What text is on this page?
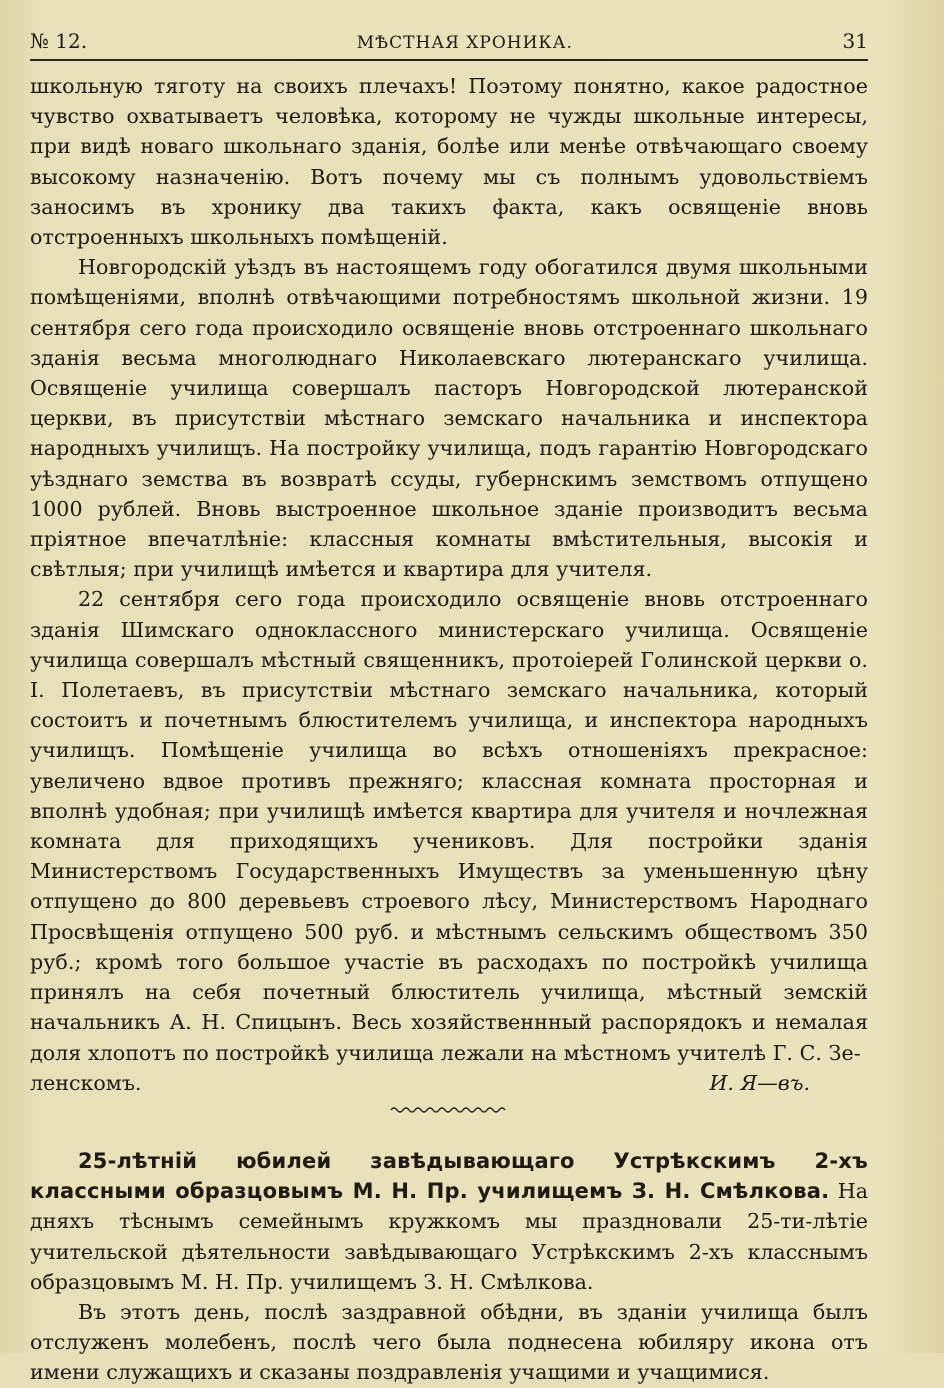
№ 12.	МѢСТНАЯ ХРОНИКА.	31

школьную тяготу на своихъ плечахъ! Поэтому понятно, какое радостное чувство охватываетъ человѣка, которому не чужды школьные интересы, при видѣ новаго школьнаго зданія, болѣе или менѣе отвѣчающаго своему высокому назначенію. Вотъ почему мы съ полнымъ удовольствіемъ заносимъ въ хронику два такихъ факта, какъ освященіе вновь отстроенныхъ школьныхъ помѣщеній.

Новгородскій уѣздъ въ настоящемъ году обогатился двумя школьными помѣщеніями, вполнѣ отвѣчающими потребностямъ школьной жизни. 19 сентября сего года происходило освященіе вновь отстроеннаго школьнаго зданія весьма многолюднаго Николаевскаго лютеранскаго училища. Освященіе училища совершалъ пасторъ Новгородской лютеранской церкви, въ присутствіи мѣстнаго земскаго начальника и инспектора народныхъ училищъ. На постройку училища, подъ гарантію Новгородскаго уѣзднаго земства въ возвратѣ ссуды, губернскимъ земствомъ отпущено 1000 рублей. Вновь выстроенное школьное зданіе производитъ весьма пріятное впечатлѣніе: классныя комнаты вмѣстительныя, высокія и свѣтлыя; при училищѣ имѣется и квартира для учителя.

22 сентября сего года происходило освященіе вновь отстроеннаго зданія Шимскаго одноклассного министерскаго училища. Освященіе училища совершалъ мѣстный священникъ, протоіерей Голинской церкви о. І. Полетаевъ, въ присутствіи мѣстнаго земскаго начальника, который состоитъ и почетнымъ блюстителемъ училища, и инспектора народныхъ училищъ. Помѣщеніе училища во всѣхъ отношеніяхъ прекрасное: увеличено вдвое противъ прежняго; классная комната просторная и вполнѣ удобная; при училищѣ имѣется квартира для учителя и ночлежная комната для приходящихъ учениковъ. Для постройки зданія Министерствомъ Государственныхъ Имуществъ за уменьшенную цѣну отпущено до 800 деревьевъ строевого лѣсу, Министерствомъ Народнаго Просвѣщенія отпущено 500 руб. и мѣстнымъ сельскимъ обществомъ 350 руб.; кромѣ того большое участіе въ расходахъ по постройкѣ училища принялъ на себя почетный блюститель училища, мѣстный земскій начальникъ А. Н. Спицынъ. Весь хозяйственнный распорядокъ и немалая доля хлопотъ по постройкѣ училища лежали на мѣстномъ учителѣ Г. С. Зе-

ленскомъ.	И. Я—въ.

25-лѣтній юбилей завѣдывающаго Устрѣкскимъ 2-хъ классными образцовымъ М. Н. Пр. училищемъ З. Н. Смѣлкова. На дняхъ тѣснымъ семейнымъ кружкомъ мы праздновали 25-ти-лѣтіе учительской дѣятельности завѣдывающаго Устрѣкскимъ 2-хъ класснымъ образцовымъ М. Н. Пр. училищемъ З. Н. Смѣлкова.

Въ этотъ день, послѣ заздравной обѣдни, въ зданіи училища былъ отслуженъ молебенъ, послѣ чего была поднесена юбиляру икона отъ имени служащихъ и сказаны поздравленія учащими и учащимися.
